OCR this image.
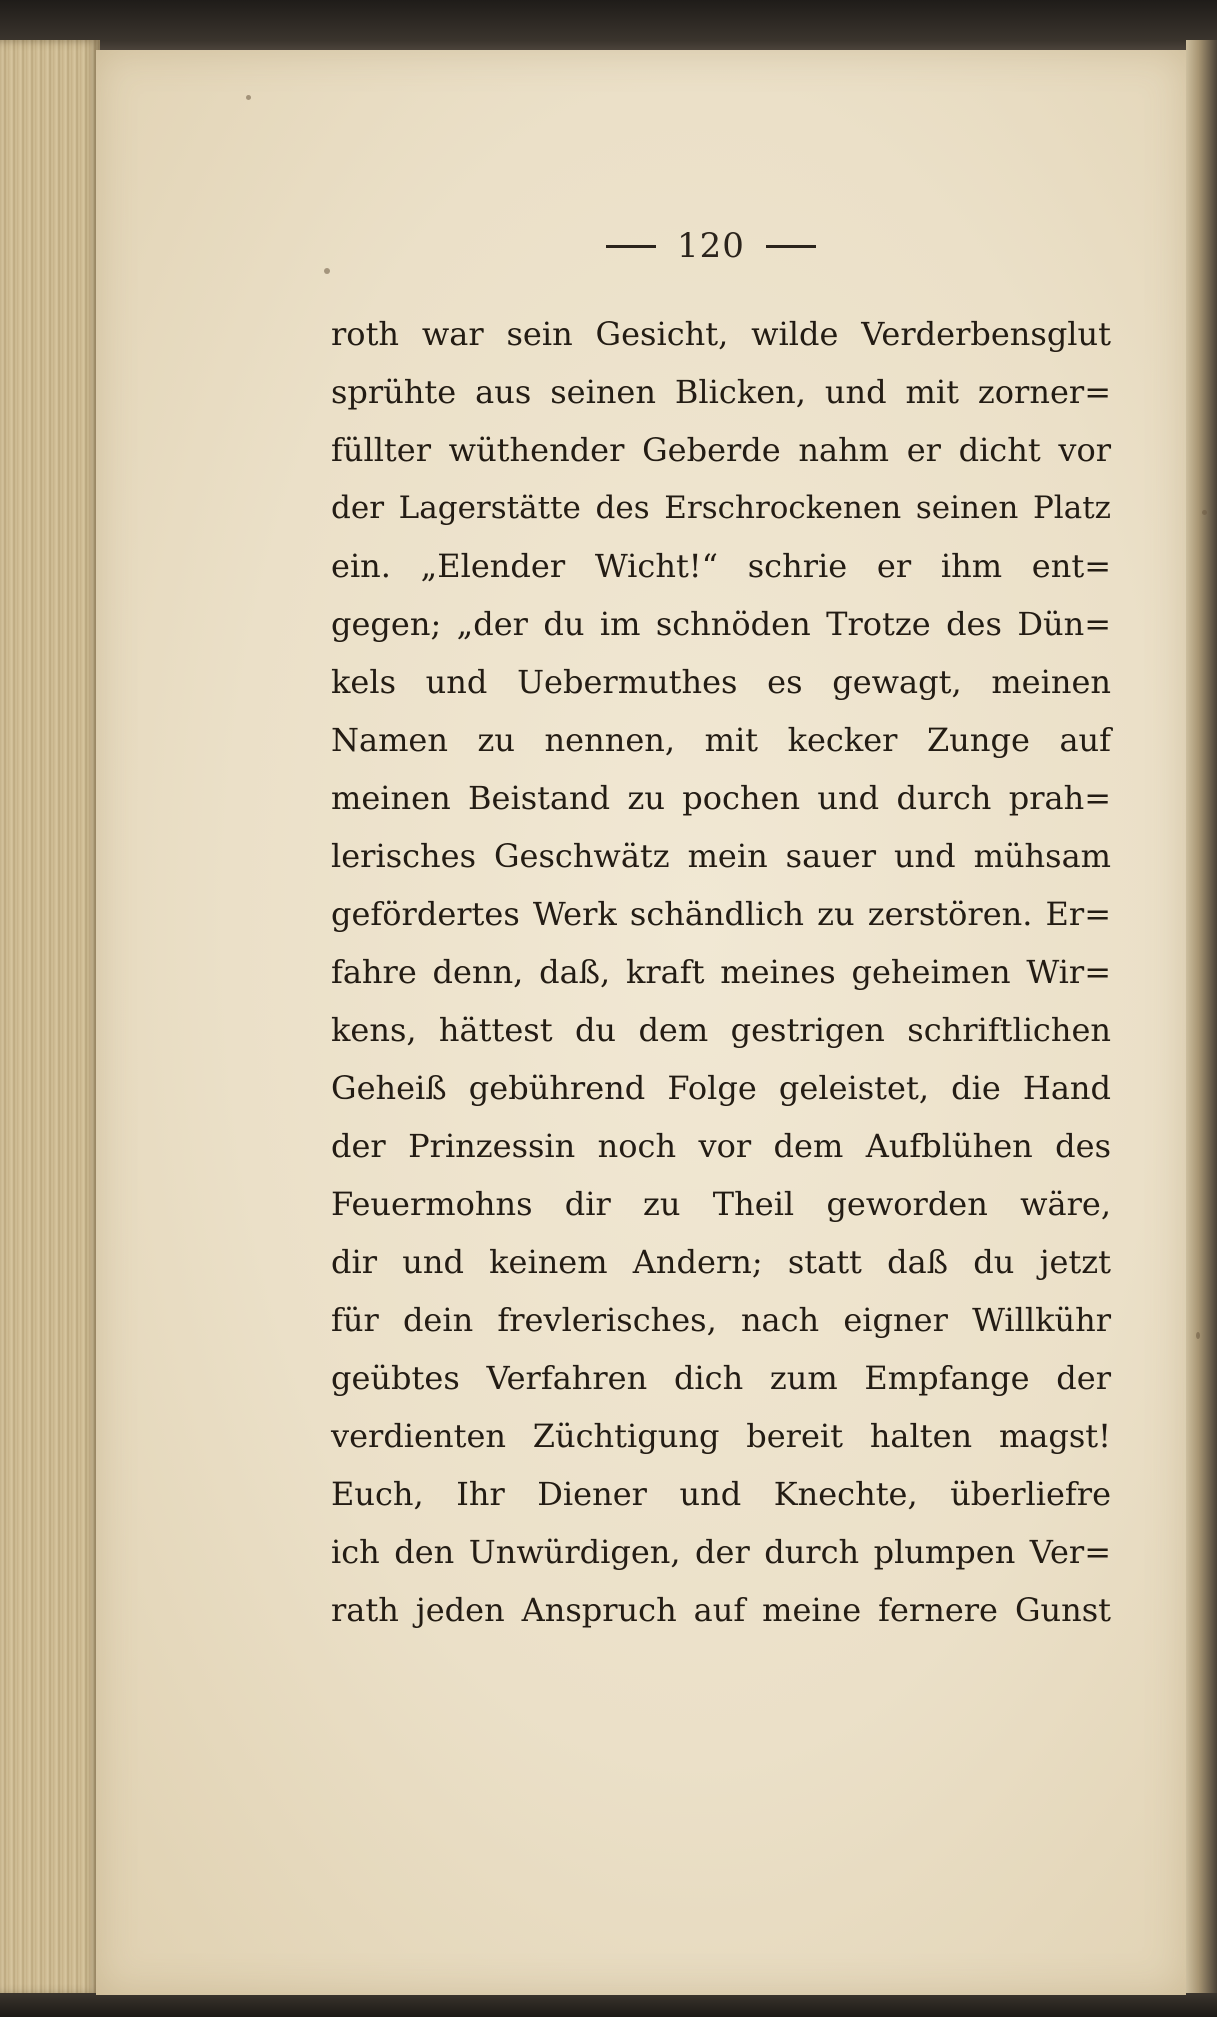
120
roth war sein Gesicht, wilde Verderbensglut
sprühte aus seinen Blicken, und mit zorner=
füllter wüthender Geberde nahm er dicht vor
der Lagerstätte des Erschrockenen seinen Platz
ein. „Elender Wicht!“ schrie er ihm ent=
gegen; „der du im schnöden Trotze des Dün=
kels und Uebermuthes es gewagt, meinen
Namen zu nennen, mit kecker Zunge auf
meinen Beistand zu pochen und durch prah=
lerisches Geschwätz mein sauer und mühsam
gefördertes Werk schändlich zu zerstören. Er=
fahre denn, daß, kraft meines geheimen Wir=
kens, hättest du dem gestrigen schriftlichen
Geheiß gebührend Folge geleistet, die Hand
der Prinzessin noch vor dem Aufblühen des
Feuermohns dir zu Theil geworden wäre,
dir und keinem Andern; statt daß du jetzt
für dein frevlerisches, nach eigner Willkühr
geübtes Verfahren dich zum Empfange der
verdienten Züchtigung bereit halten magst!
Euch, Ihr Diener und Knechte, überliefre
ich den Unwürdigen, der durch plumpen Ver=
rath jeden Anspruch auf meine fernere Gunst
